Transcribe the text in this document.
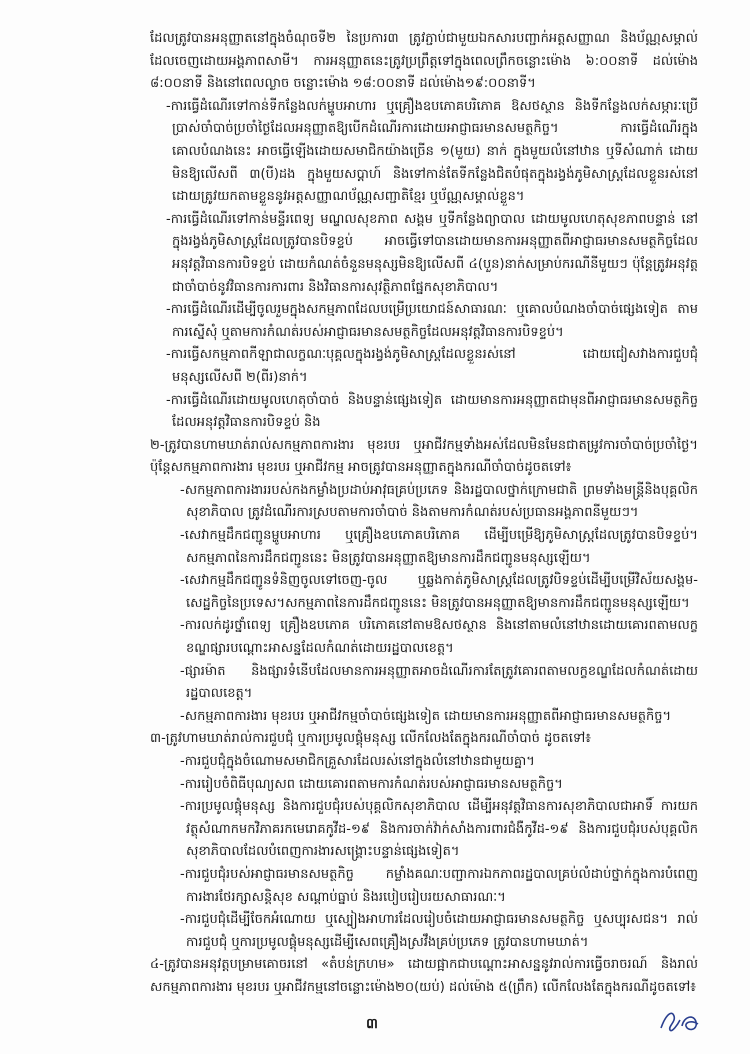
ដែលត្រូវបានអនុញ្ញាតនៅក្នុងចំណុចទី២ នៃប្រការ៣ ត្រូវភ្ជាប់ជាមួយឯកសារបញ្ជាក់អត្តសញ្ញាណ និងប័ណ្ណសម្គាល់ដែលចេញដោយអង្គភាពសាមី។ ការអនុញ្ញាតនេះត្រូវប្រព្រឹត្តទៅក្នុងពេលព្រឹកចន្លោះម៉ោង ៦:០០នាទី ដល់ម៉ោង ៨:០០នាទី និងនៅពេលល្ងាច ចន្លោះម៉ោង ១៨:០០នាទី ដល់ម៉ោង១៩:០០នាទី។

-ការធ្វើដំណើរទៅកាន់ទីកន្លែងលក់ម្ហូបអាហារ ឬគ្រឿងឧបភោគបរិភោគ ឱសថស្ថាន និងទីកន្លែងលក់សម្ភារៈប្រើប្រាស់ចាំបាច់ប្រចាំថ្ងៃដែលអនុញ្ញាតឱ្យបើកដំណើរការដោយអាជ្ញាធរមានសមត្ថកិច្ច។ ការធ្វើដំណើរក្នុងគោលបំណងនេះ អាចធ្វើឡើងដោយសមាជិកយ៉ាងច្រើន ១(មួយ) នាក់ ក្នុងមួយលំនៅឋាន ឬទីសំណាក់ ដោយមិនឱ្យលើសពី ៣(បី)ដង ក្នុងមួយសប្ដាហ៍ និងទៅកាន់តែទីកន្លែងជិតបំផុតក្នុងរង្វង់ភូមិសាស្ត្រដែលខ្លួនរស់នៅ ដោយត្រូវយកតាមខ្លួននូវអត្តសញ្ញាណប័ណ្ណសញ្ជាតិខ្មែរ ឬប័ណ្ណសម្គាល់ខ្លួន។

-ការធ្វើដំណើរទៅកាន់មន្ទីរពេទ្យ មណ្ឌលសុខភាព សង្គម ឬទីកន្លែងព្យាបាល ដោយមូលហេតុសុខភាពបន្ទាន់ នៅក្នុងរង្វង់ភូមិសាស្ត្រដែលត្រូវបានបិទខ្ទប់ អាចធ្វើទៅបានដោយមានការអនុញ្ញាតពីអាជ្ញាធរមានសមត្ថកិច្ចដែលអនុវត្តវិធានការបិទខ្ទប់ ដោយកំណត់ចំនួនមនុស្សមិនឱ្យលើសពី ៤(បួន)នាក់សម្រាប់ករណីនីមួយៗ ប៉ុន្តែត្រូវអនុវត្តជាចាំបាច់នូវវិធានការការពារ និងវិធានការសុវត្ថិភាពផ្នែកសុខាភិបាល។

-ការធ្វើដំណើរដើម្បីចូលរួមក្នុងសកម្មភាពដែលបម្រើប្រយោជន៍សាធារណៈ ឬគោលបំណងចាំបាច់ផ្សេងទៀត តាមការស្នើសុំ ឬតាមការកំណត់របស់អាជ្ញាធរមានសមត្ថកិច្ចដែលអនុវត្តវិធានការបិទខ្ទប់។

-ការធ្វើសកម្មភាពកីឡាជាលក្ខណៈបុគ្គលក្នុងរង្វង់ភូមិសាស្ត្រដែលខ្លួនរស់នៅ ដោយជៀសវាងការជួបជុំមនុស្សលើសពី ២(ពីរ)នាក់។

-ការធ្វើដំណើរដោយមូលហេតុចាំបាច់ និងបន្ទាន់ផ្សេងទៀត ដោយមានការអនុញ្ញាតជាមុនពីអាជ្ញាធរមានសមត្ថកិច្ចដែលអនុវត្តវិធានការបិទខ្ទប់ និង

២-ត្រូវបានហាមឃាត់រាល់សកម្មភាពការងារ មុខរបរ ឬអាជីវកម្មទាំងអស់ដែលមិនមែនជាតម្រូវការចាំបាច់ប្រចាំថ្ងៃ។ ប៉ុន្តែសកម្មភាពការងារ មុខរបរ ឬអាជីវកម្ម អាចត្រូវបានអនុញ្ញាតក្នុងករណីចាំបាច់ដូចតទៅ៖

-សកម្មភាពការងាររបស់កងកម្លាំងប្រដាប់អាវុធគ្រប់ប្រភេទ និងរដ្ឋបាលថ្នាក់ក្រោមជាតិ ព្រមទាំងមន្ត្រីនិងបុគ្គលិកសុខាភិបាល ត្រូវដំណើរការស្របតាមការចាំបាច់ និងតាមការកំណត់របស់ប្រធានអង្គភាពនីមួយៗ។

-សេវាកម្មដឹកជញ្ជូនម្ហូបអាហារ ឬគ្រឿងឧបភោគបរិភោគ ដើម្បីបម្រើឱ្យភូមិសាស្ត្រដែលត្រូវបានបិទខ្ទប់។ សកម្មភាពនៃការដឹកជញ្ជូននេះ មិនត្រូវបានអនុញ្ញាតឱ្យមានការដឹកជញ្ជូនមនុស្សឡើយ។

-សេវាកម្មដឹកជញ្ជូនទំនិញចូលទៅចេញ-ចូល ឬឆ្លងកាត់ភូមិសាស្ត្រដែលត្រូវបិទខ្ទប់ដើម្បីបម្រើវិស័យសង្គម-សេដ្ឋកិច្ចនៃប្រទេស។សកម្មភាពនៃការដឹកជញ្ជូននេះ មិនត្រូវបានអនុញ្ញាតឱ្យមានការដឹកជញ្ជូនមនុស្សឡើយ។

-ការលក់ដូរថ្នាំពេទ្យ គ្រឿងឧបភោគ បរិភោគនៅតាមឱសថស្ថាន និងនៅតាមលំនៅឋានដោយគោរពតាមលក្ខខណ្ឌផ្សារបណ្ដោះអាសន្នដែលកំណត់ដោយរដ្ឋបាលខេត្ត។

-ផ្សារម៉ាត និងផ្សារទំនើបដែលមានការអនុញ្ញាតអាចដំណើរការតែត្រូវគោរពតាមលក្ខខណ្ឌដែលកំណត់ដោយរដ្ឋបាលខេត្ត។

-សកម្មភាពការងារ មុខរបរ ឬអាជីវកម្មចាំបាច់ផ្សេងទៀត ដោយមានការអនុញ្ញាតពីអាជ្ញាធរមានសមត្ថកិច្ច។

៣-ត្រូវហាមឃាត់រាល់ការជួបជុំ ឬការប្រមូលផ្ដុំមនុស្ស លើកលែងតែក្នុងករណីចាំបាច់ ដូចតទៅ៖

-ការជួបជុំក្នុងចំណោមសមាជិកគ្រួសារដែលរស់នៅក្នុងលំនៅឋានជាមួយគ្នា។

-ការរៀបចំពិធីបុណ្យសព ដោយគោរពតាមការកំណត់របស់អាជ្ញាធរមានសមត្ថកិច្ច។

-ការប្រមូលផ្ដុំមនុស្ស និងការជួបជុំរបស់បុគ្គលិកសុខាភិបាល ដើម្បីអនុវត្តវិធានការសុខាភិបាលជាអាទិ៍ ការយកវត្ថុសំណាកមកវិភាគរកមេរោគកូវីដ-១៩ និងការចាក់វ៉ាក់សាំងការពារជំងឺកូវីដ-១៩ និងការជួបជុំរបស់បុគ្គលិកសុខាភិបាលដែលបំពេញការងារសង្គ្រោះបន្ទាន់ផ្សេងទៀត។

-ការជួបជុំរបស់អាជ្ញាធរមានសមត្ថកិច្ច កម្លាំងគណៈបញ្ជាការឯកភាពរដ្ឋបាលគ្រប់លំដាប់ថ្នាក់ក្នុងការបំពេញការងារថែរក្សាសន្តិសុខ សណ្ដាប់ធ្នាប់ និងរបៀបរៀបរយសាធារណៈ។

-ការជួបជុំដើម្បីចែកអំណោយ ឬស្បៀងអាហារដែលរៀបចំដោយអាជ្ញាធរមានសមត្ថកិច្ច ឬសប្បុរសជន។ រាល់ការជួបជុំ ឬការប្រមូលផ្ដុំមនុស្សដើម្បីសេពគ្រឿងស្រវឹងគ្រប់ប្រភេទ ត្រូវបានហាមឃាត់។

៤-ត្រូវបានអនុវត្តបម្រាមគោចរនៅ «តំបន់ក្រហម» ដោយផ្អាកជាបណ្ដោះអាសន្ននូវរាល់ការធ្វើចរាចរណ៍ និងរាល់សកម្មភាពការងារ មុខរបរ ឬអាជីវកម្មនៅចន្លោះម៉ោង២០(យប់) ដល់ម៉ោង ៥(ព្រឹក) លើកលែងតែក្នុងករណីដូចតទៅ៖

៣
